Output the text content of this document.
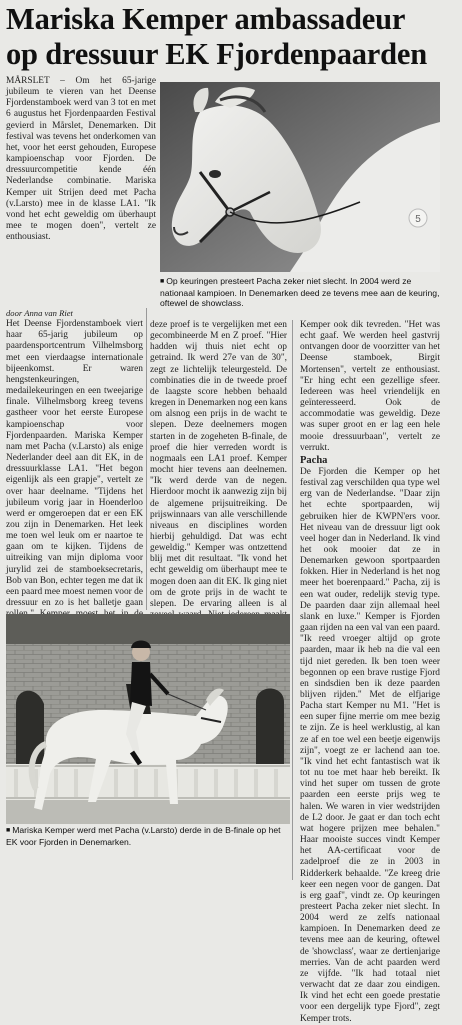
Mariska Kemper ambassadeur
op dressuur EK Fjordenpaarden

MÅRSLET – Om het 65-jarige jubileum te vieren van het Deense Fjordenstamboek werd van 3 tot en met 6 augustus het Fjordenpaarden Festival gevierd in Mårslet, Denemarken. Dit festival was tevens het onderkomen van het, voor het eerst gehouden, Europese kampioenschap voor Fjorden. De dressuurcompetitie kende één Nederlandse combinatie. Mariska Kemper uit Strijen deed met Pacha (v.Larsto) mee in de klasse LA1. "Ik vond het echt geweldig om überhaupt mee te mogen doen", vertelt ze enthousiast.

5
■ Op keuringen presteert Pacha zeker niet slecht. In 2004 werd ze nationaal kampioen. In Denemarken deed ze tevens mee aan de keuring, oftewel de showclass.

door Anna van Riet

Het Deense Fjordenstamboek viert haar 65-jarig jubileum op paardensportcentrum Vilhelmsborg met een vierdaagse internationale bijeenkomst. Er waren hengstenkeuringen, medailekeuringen en een tweejarige finale. Vilhelmsborg kreeg tevens gastheer voor het eerste Europese kampioenschap voor Fjordenpaarden. Mariska Kemper nam met Pacha (v.Larsto) als enige Nederlander deel aan dit EK, in de dressuurklasse LA1. "Het begon eigenlijk als een grapje", vertelt ze over haar deelname. "Tijdens het jubileum vorig jaar in Hoenderloo werd er omgeroepen dat er een EK zou zijn in Denemarken. Het leek me toen wel leuk om er naartoe te gaan om te kijken. Tijdens de uitreiking van mijn diploma voor jurylid zei de stamboeksecretaris, Bob van Bon, echter tegen me dat ik een paard mee moest nemen voor de dressuur en zo is het balletje gaan

deze proef is te vergelijken met een gecombineerde M en Z proef. "Hier hadden wij thuis niet echt op getraind. Ik werd 27e van de 30", zegt ze lichtelijk teleurgesteld. De combinaties die in de tweede proef de laagste score hebben behaald kregen in Denemarken nog een kans om alsnog een prijs in de wacht te slepen. Deze deelnemers mogen starten in de zogeheten B-finale, de proef die hier verreden wordt is nogmaals een LA1 proef. Kemper mocht hier tevens aan deelnemen. "Ik werd derde van de negen. Hierdoor mocht ik aanwezig zijn bij de algemene prijsuitreiking. De prijswinnaars van alle verschillende niveaus en disciplines worden hierbij gehuldigd. Dat was echt geweldig." Kemper was ontzettend blij met dit resultaat. "Ik vond het echt geweldig om überhaupt mee te mogen doen aan dit EK. Ik ging niet om de grote prijs in de wacht te slepen. De ervaring alleen is al

Kemper ook dik tevreden. "Het was echt gaaf. We werden heel gastvrij ontvangen door de voorzitter van het Deense stamboek, Birgit Mortensen", vertelt ze enthousiast. "Er hing echt een gezellige sfeer. Iedereen was heel vriendelijk en geïnteresseerd. Ook de accommodatie was geweldig. Deze was super groot en er lag een hele mooie dressuurbaan", vertelt ze verrukt.

Pacha

De Fjorden die Kemper op het festival zag verschilden qua type wel erg van de Nederlandse. "Daar zijn het echte sportpaarden, wij gebruiken hier de KWPN'ers voor. Het niveau van de dressuur ligt ook veel hoger dan in Nederland. Ik vind het ook mooier dat ze in Denemarken gewoon sportpaarden fokken. Hier in Nederland is het nog meer het boerenpaard." Pacha, zij is een wat ouder, redelijk stevig type. De paarden daar zijn allemaal heel slank en luxe." Kemper is Fjorden gaan rijden na een val van een paard. "Ik reed vroeger altijd op grote paarden, maar ik heb na die val een tijd niet gereden. Ik ben toen weer begonnen op een brave rustige Fjord en sindsdien ben ik deze paarden blijven rijden." Met de elfjarige Pacha start Kemper nu M1. "Het is een super fijne merrie om mee bezig te zijn. Ze is heel werklustig, al kan ze af en toe wel een beetje eigenwijs zijn", voegt ze er lachend aan toe. "Ik vind het echt fantastisch wat ik tot nu toe met haar heb bereikt. Ik vind het super om tussen de grote paarden een eerste prijs weg te halen. We waren in vier wedstrijden de L2 door. Je gaat er dan toch echt wat hogere prijzen mee behalen." Haar mooiste succes vindt Kemper het AA-certificaat voor de zadelproef die ze in 2003 in Ridderkerk behaalde. "Ze kreeg drie keer een negen voor de gangen. Dat is erg gaaf", vindt ze. Op keuringen presteert Pacha zeker niet slecht. In 2004 werd ze zelfs nationaal kampioen. In Denemarken deed ze tevens mee aan de keuring, oftewel de 'showclass', waar ze dertienjarige merries. Van de acht paarden werd ze vijfde. "Ik had totaal niet verwacht dat ze daar zou eindigen. Ik vind het echt een goede prestatie voor een dergelijk type Fjord", zegt Kemper trots.

■ Mariska Kemper werd met Pacha (v.Larsto) derde in de B-finale op het EK voor Fjorden in Denemarken.
